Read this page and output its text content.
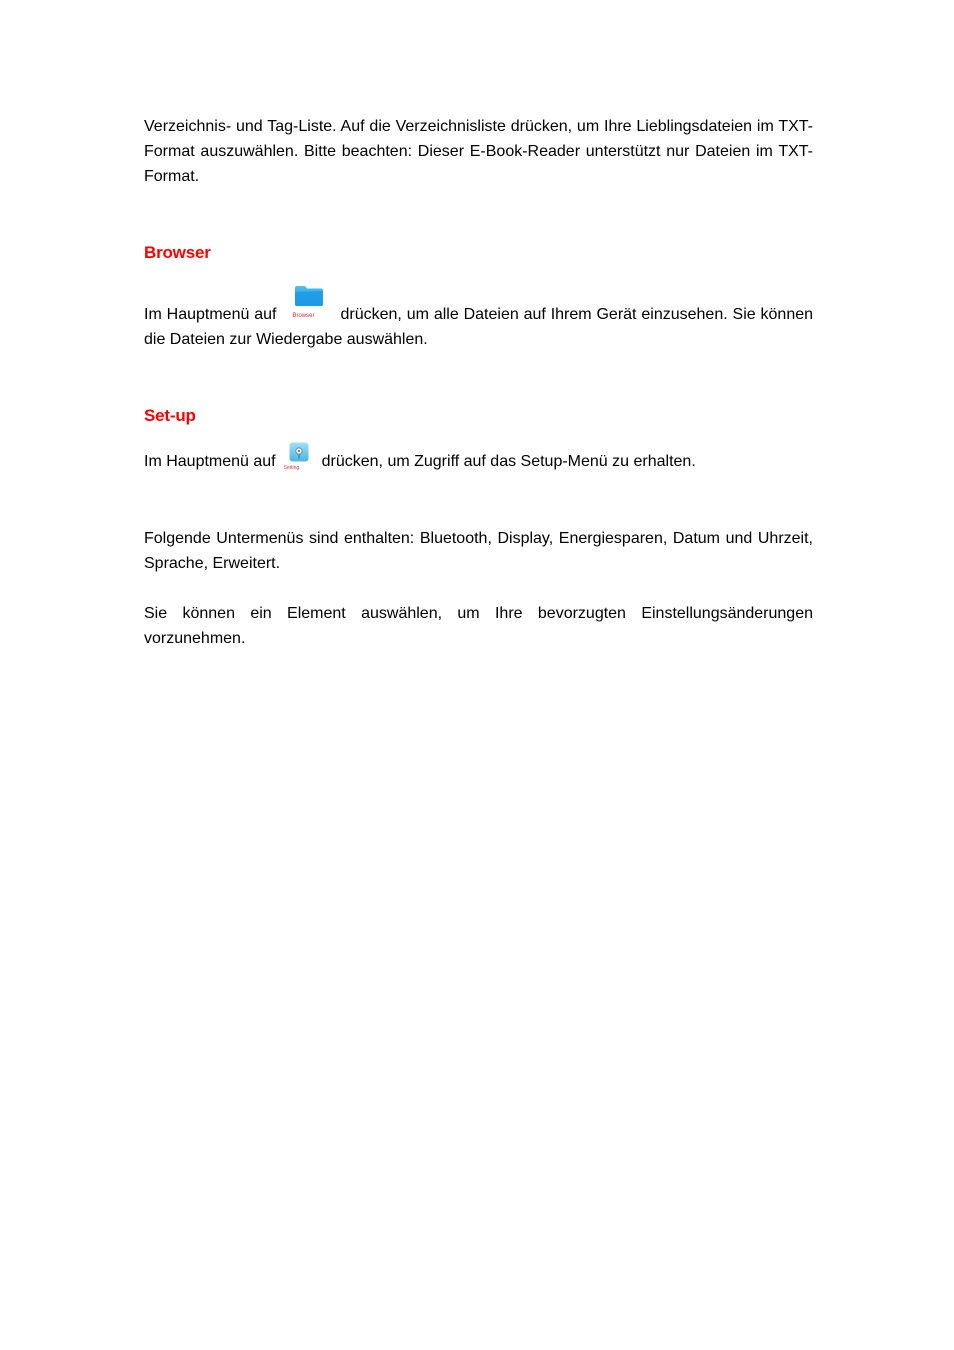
Verzeichnis- und Tag-Liste. Auf die Verzeichnisliste drücken, um Ihre Lieblingsdateien im TXT-Format auszuwählen. Bitte beachten: Dieser E-Book-Reader unterstützt nur Dateien im TXT-Format.

Browser

Im Hauptmenü auf	Browser	drücken, um alle Dateien auf Ihrem Gerät einzusehen. Sie können die Dateien zur Wiedergabe auswählen.

Set-up

Im Hauptmenü auf Setting	drücken, um Zugriff auf das Setup-Menü zu erhalten.

Folgende Untermenüs sind enthalten: Bluetooth, Display, Energiesparen, Datum und Uhrzeit, Sprache, Erweitert.

Sie können ein Element auswählen, um Ihre bevorzugten Einstellungsänderungen vorzunehmen.
